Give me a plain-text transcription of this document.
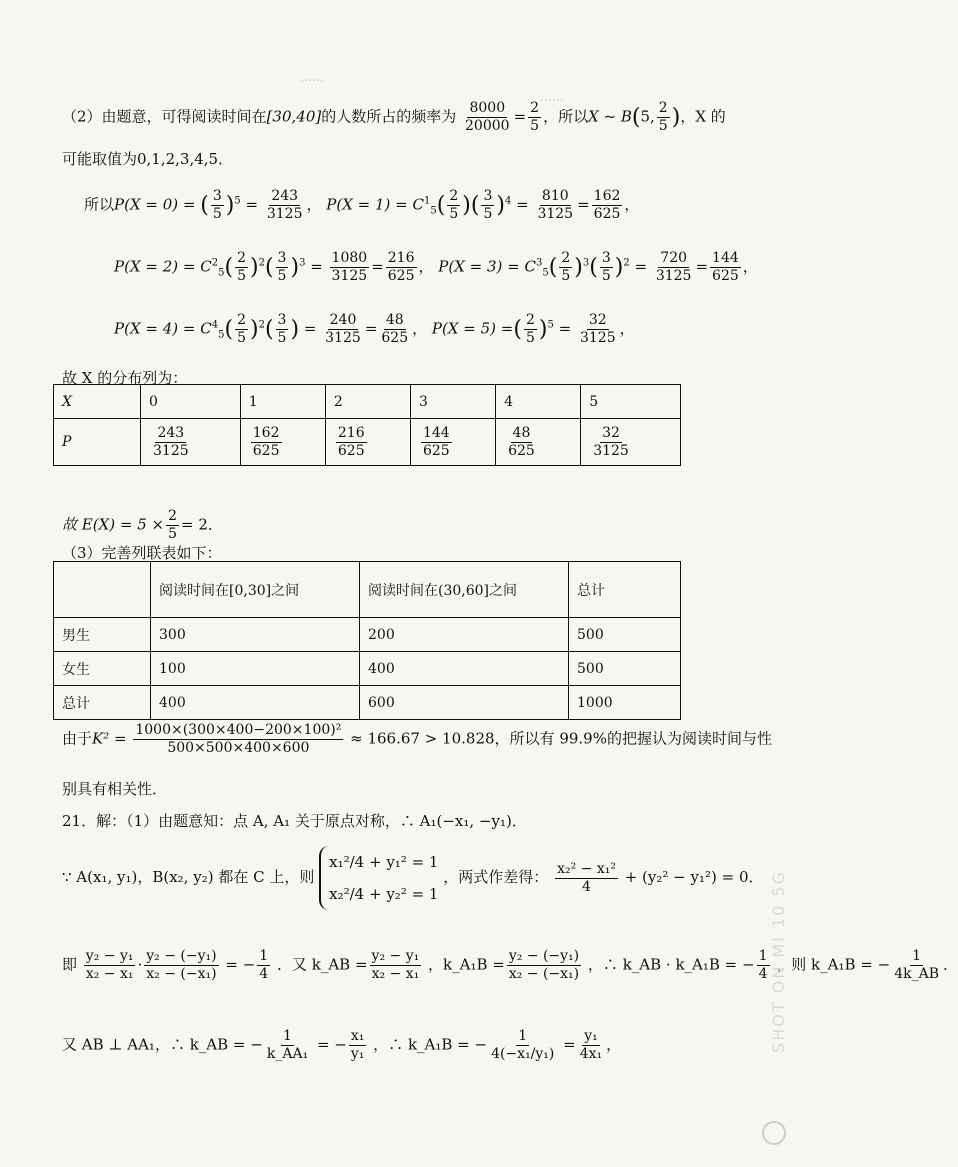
……
……
（2）由题意，可得阅读时间在[30,40]的人数所占的频率为 $\frac{8000}{20000} = \frac{2}{5}$ ，所以X ~ B(5, $\frac{2}{5}$ )，X 的
可能取值为0,1,2,3,4,5．
所以P(X = 0) = ( $\frac{3}{5} )^5 = \frac{243}{3125}$ ， $P(X = 1) = C^1_5( \frac{2}{5}$ )( $\frac{3}{5} )^4 = \frac{810}{3125} = \frac{162}{625}$ ，
$P(X = 2) = C^2_5( \frac{2}{5} )^2( \frac{3}{5} )^3 = \frac{1080}{3125} = \frac{216}{625}$ ， $P(X = 3) = C^3_5( \frac{2}{5} )^3( \frac{3}{5} )^2 = \frac{720}{3125} = \frac{144}{625}$ ，
$P(X = 4) = C^4_5( \frac{2}{5} )^2( \frac{3}{5}$ ) = $\frac{240}{3125} = \frac{48}{625}$ ， P(X = 5) =( $\frac{2}{5} )^5 = \frac{32}{3125}$ ，
故 X 的分布列为：
X	0	1	2	3	4	5
P	$\frac{243}{3125}$	$\frac{162}{625}$	$\frac{216}{625}$	$\frac{144}{625}$	$\frac{48}{625}$	$\frac{32}{3125}$
故 $E(X) = 5 \times \frac{2}{5} = 2$．
（3）完善列联表如下：
	阅读时间在[0,30]之间	阅读时间在(30,60]之间	总计
男生	300	200	500
女生	100	400	500
总计	400	600	1000
由于$K^2 = \frac{\text{1000×(300×400−200×100)²}}{500\times 500\times 400\times 600} \approx 166.67 > 10.828$，所以有 99.9%的把握认为阅读时间与性
别具有相关性．
21．解：（1）由题意知：点 A, A₁ 关于原点对称，∴ A₁(−x₁, −y₁)．
∵ A(x₁, y₁)，B(x₂, y₂) 都在 C 上，则
x₁²/4 + y₁² = 1
x₂²/4 + y₂² = 1
，两式作差得： $\frac{\text{x₂² − x₁²}}{4} + (y_2^2 - y_1^2) = 0$．
即 $\frac{\text{y₂ − y₁}}{\text{x₂ − x₁}} \cdot \frac{\text{y₂ − (−y₁)}}{\text{x₂ − (−x₁)}}$ = − $\frac{1}{4}$ ．又 k_AB = $\frac{\text{y₂ − y₁}}{\text{x₂ − x₁}}$ ，k_A₁B = $\frac{\text{y₂ − (−y₁)}}{\text{x₂ − (−x₁)}}$ ，∴ k_AB · k_A₁B = − $\frac{1}{4}$ ，则 k_A₁B = − $\frac{1}{4k\_AB}$ ．
又 AB ⊥ AA₁，∴ k_AB = − $\frac{1}{\text{k\_AA₁}}$ = − $\frac{\text{x₁}}{\text{y₁}}$ ，∴ k_A₁B = − $\frac{1}{\text{4(−x₁/y₁)}} = \frac{\text{y₁}}{\text{4x₁}}$ ，	SHOT ON MI 10 5G
